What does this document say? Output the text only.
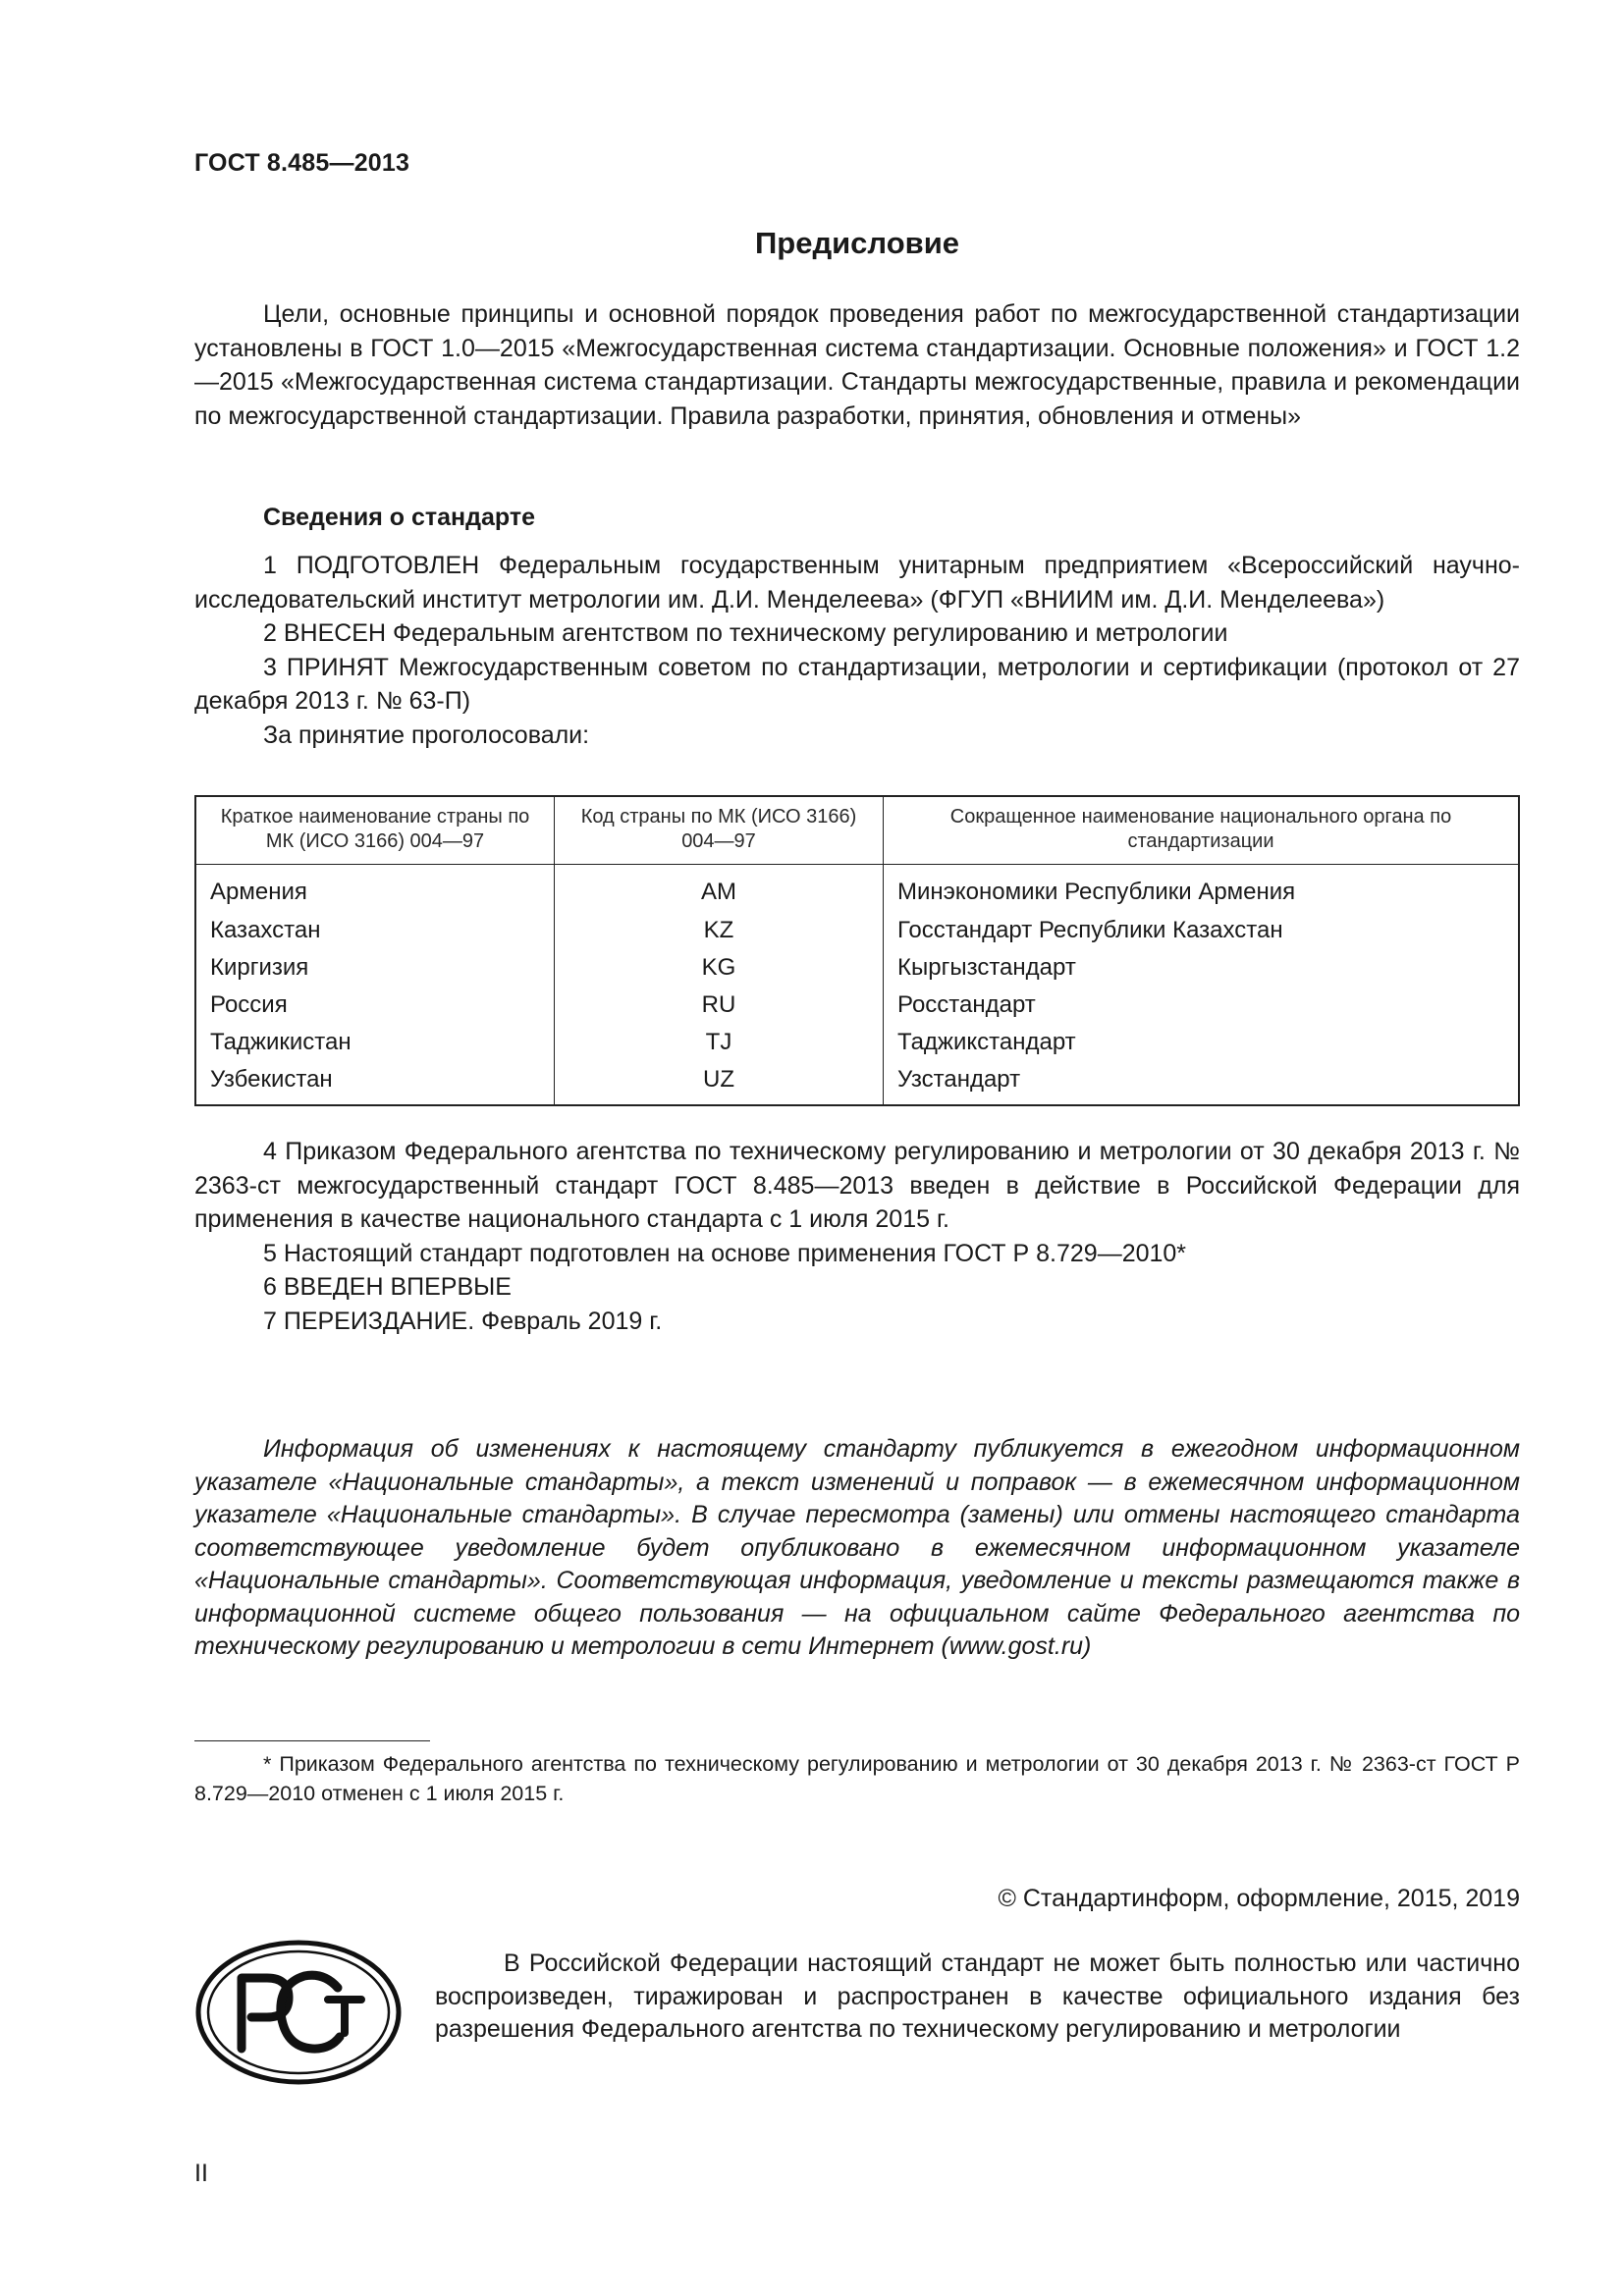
ГОСТ 8.485—2013
Предисловие

Цели, основные принципы и основной порядок проведения работ по межгосударственной стандартизации установлены в ГОСТ 1.0—2015 «Межгосударственная система стандартизации. Основные положения» и ГОСТ 1.2—2015 «Межгосударственная система стандартизации. Стандарты межгосударственные, правила и рекомендации по межгосударственной стандартизации. Правила разработки, принятия, обновления и отмены»

Сведения о стандарте

1 ПОДГОТОВЛЕН Федеральным государственным унитарным предприятием «Всероссийский научно-исследовательский институт метрологии им. Д.И. Менделеева» (ФГУП «ВНИИМ им. Д.И. Менделеева»)

2 ВНЕСЕН Федеральным агентством по техническому регулированию и метрологии

3 ПРИНЯТ Межгосударственным советом по стандартизации, метрологии и сертификации (протокол от 27 декабря 2013 г. № 63-П)

За принятие проголосовали:

Краткое наименование страны по МК (ИСО 3166) 004—97	Код страны по МК (ИСО 3166) 004—97	Сокращенное наименование национального органа по стандартизации
Армения	AM	Минэкономики Республики Армения
Казахстан	KZ	Госстандарт Республики Казахстан
Киргизия	KG	Кыргызстандарт
Россия	RU	Росстандарт
Таджикистан	TJ	Таджикстандарт
Узбекистан	UZ	Узстандарт

4 Приказом Федерального агентства по техническому регулированию и метрологии от 30 декабря 2013 г. № 2363-ст межгосударственный стандарт ГОСТ 8.485—2013 введен в действие в Российской Федерации для применения в качестве национального стандарта с 1 июля 2015 г.

5 Настоящий стандарт подготовлен на основе применения ГОСТ Р 8.729—2010*

6 ВВЕДЕН ВПЕРВЫЕ

7 ПЕРЕИЗДАНИЕ. Февраль 2019 г.

Информация об изменениях к настоящему стандарту публикуется в ежегодном информационном указателе «Национальные стандарты», а текст изменений и поправок — в ежемесячном информационном указателе «Национальные стандарты». В случае пересмотра (замены) или отмены настоящего стандарта соответствующее уведомление будет опубликовано в ежемесячном информационном указателе «Национальные стандарты». Соответствующая информация, уведомление и тексты размещаются также в информационной системе общего пользования — на официальном сайте Федерального агентства по техническому регулированию и метрологии в сети Интернет (www.gost.ru)

* Приказом Федерального агентства по техническому регулированию и метрологии от 30 декабря 2013 г. № 2363-ст ГОСТ Р 8.729—2010 отменен с 1 июля 2015 г.

© Стандартинформ, оформление, 2015, 2019

В Российской Федерации настоящий стандарт не может быть полностью или частично воспроизведен, тиражирован и распространен в качестве официального издания без разрешения Федерального агентства по техническому регулированию и метрологии

II
